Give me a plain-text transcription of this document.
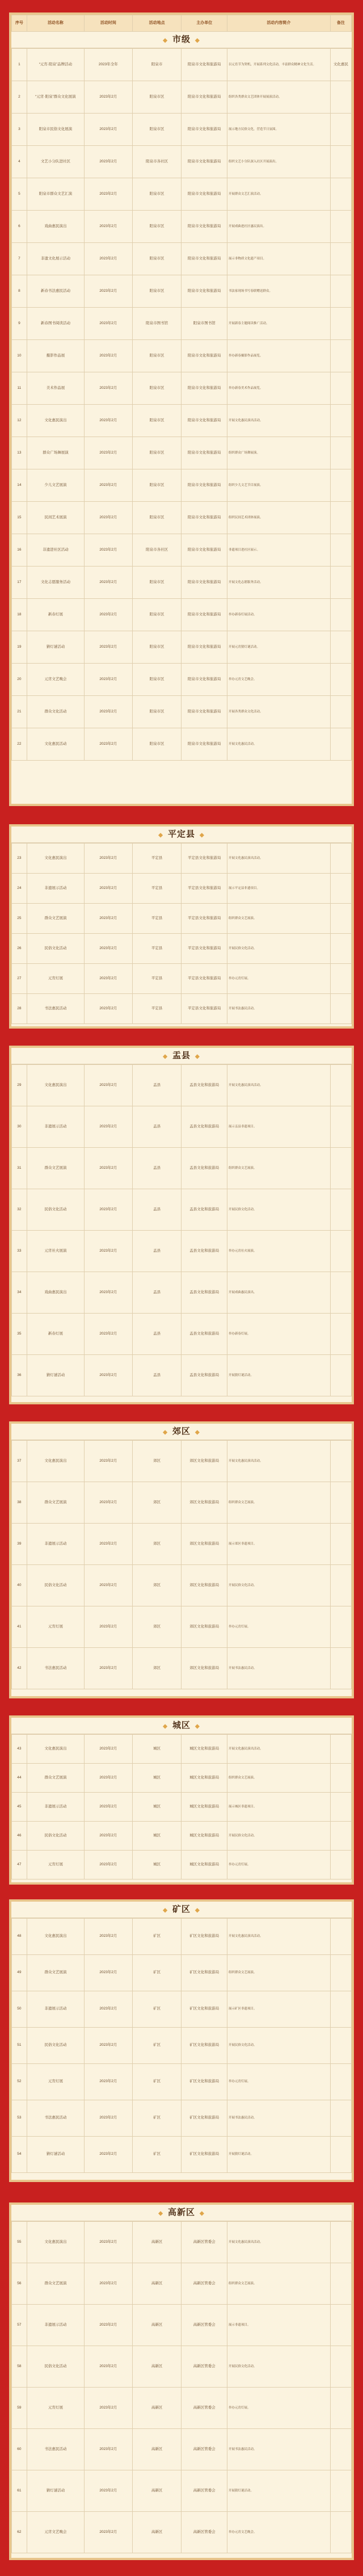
序号	活动名称	活动时间	活动地点	主办单位	活动内容简介	备注
◆ 市级 ◆
1	“元宵·阳泉”品牌活动	2023年全年	阳泉市	阳泉市文化和旅游局	以元宵节为契机，开展系列文化活动，丰富群众精神文化生活。	文化惠民
2	“元宵·阳泉”群众文化展演	2023年2月	阳泉市区	阳泉市文化和旅游局	组织各类群众文艺团体开展展演活动。	
3	阳泉市民俗文化展演	2023年2月	阳泉市区	阳泉市文化和旅游局	展示地方民俗文化，营造节日氛围。	
4	文艺小分队进社区	2023年2月	阳泉市各社区	阳泉市文化和旅游局	组织文艺小分队深入社区开展演出。	
5	阳泉市群众文艺汇演	2023年2月	阳泉市区	阳泉市文化和旅游局	开展群众文艺汇演活动。	
6	戏曲惠民演出	2023年2月	阳泉市区	阳泉市文化和旅游局	开展戏曲进社区惠民演出。	
7	非遗文化展示活动	2023年2月	阳泉市区	阳泉市文化和旅游局	展示非物质文化遗产项目。	
8	新春书法惠民活动	2023年2月	阳泉市区	阳泉市文化和旅游局	书法家现场书写春联赠送群众。	
9	新春图书阅读活动	2023年2月	阳泉市图书馆	阳泉市图书馆	开展新春主题阅读推广活动。	
10	摄影作品展	2023年2月	阳泉市区	阳泉市文化和旅游局	举办新春摄影作品展览。	
11	美术作品展	2023年2月	阳泉市区	阳泉市文化和旅游局	举办新春美术作品展览。	
12	文化惠民演出	2023年2月	阳泉市区	阳泉市文化和旅游局	开展文化惠民演出活动。	
13	群众广场舞展演	2023年2月	阳泉市区	阳泉市文化和旅游局	组织群众广场舞展演。	
14	少儿文艺展演	2023年2月	阳泉市区	阳泉市文化和旅游局	组织少儿文艺节目展演。	
15	民间艺术展演	2023年2月	阳泉市区	阳泉市文化和旅游局	组织民间艺术团体展演。	
16	非遗进社区活动	2023年2月	阳泉市各社区	阳泉市文化和旅游局	非遗项目进社区展示。	
17	文化志愿服务活动	2023年2月	阳泉市区	阳泉市文化和旅游局	开展文化志愿服务活动。	
18	新春灯展	2023年2月	阳泉市区	阳泉市文化和旅游局	举办新春灯展活动。	
19	猜灯谜活动	2023年2月	阳泉市区	阳泉市文化和旅游局	开展元宵猜灯谜活动。	
20	元宵文艺晚会	2023年2月	阳泉市区	阳泉市文化和旅游局	举办元宵文艺晚会。	
21	群众文化活动	2023年2月	阳泉市区	阳泉市文化和旅游局	开展各类群众文化活动。	
22	文化惠民活动	2023年2月	阳泉市区	阳泉市文化和旅游局	开展文化惠民活动。	
◆ 平定县 ◆
23	文化惠民演出	2023年2月	平定县	平定县文化和旅游局	开展文化惠民演出活动。	
24	非遗展示活动	2023年2月	平定县	平定县文化和旅游局	展示平定县非遗项目。	
25	群众文艺展演	2023年2月	平定县	平定县文化和旅游局	组织群众文艺展演。	
26	民俗文化活动	2023年2月	平定县	平定县文化和旅游局	开展民俗文化活动。	
27	元宵灯展	2023年2月	平定县	平定县文化和旅游局	举办元宵灯展。	
28	书法惠民活动	2023年2月	平定县	平定县文化和旅游局	开展书法惠民活动。	
◆ 盂县 ◆
29	文化惠民演出	2023年2月	盂县	盂县文化和旅游局	开展文化惠民演出活动。	
30	非遗展示活动	2023年2月	盂县	盂县文化和旅游局	展示盂县非遗项目。	
31	群众文艺展演	2023年2月	盂县	盂县文化和旅游局	组织群众文艺展演。	
32	民俗文化活动	2023年2月	盂县	盂县文化和旅游局	开展民俗文化活动。	
33	元宵社火展演	2023年2月	盂县	盂县文化和旅游局	举办元宵社火展演。	
34	戏曲惠民演出	2023年2月	盂县	盂县文化和旅游局	开展戏曲惠民演出。	
35	新春灯展	2023年2月	盂县	盂县文化和旅游局	举办新春灯展。	
36	猜灯谜活动	2023年2月	盂县	盂县文化和旅游局	开展猜灯谜活动。	
◆ 郊区 ◆
37	文化惠民演出	2023年2月	郊区	郊区文化和旅游局	开展文化惠民演出活动。	
38	群众文艺展演	2023年2月	郊区	郊区文化和旅游局	组织群众文艺展演。	
39	非遗展示活动	2023年2月	郊区	郊区文化和旅游局	展示郊区非遗项目。	
40	民俗文化活动	2023年2月	郊区	郊区文化和旅游局	开展民俗文化活动。	
41	元宵灯展	2023年2月	郊区	郊区文化和旅游局	举办元宵灯展。	
42	书法惠民活动	2023年2月	郊区	郊区文化和旅游局	开展书法惠民活动。	
◆ 城区 ◆
43	文化惠民演出	2023年2月	城区	城区文化和旅游局	开展文化惠民演出活动。	
44	群众文艺展演	2023年2月	城区	城区文化和旅游局	组织群众文艺展演。	
45	非遗展示活动	2023年2月	城区	城区文化和旅游局	展示城区非遗项目。	
46	民俗文化活动	2023年2月	城区	城区文化和旅游局	开展民俗文化活动。	
47	元宵灯展	2023年2月	城区	城区文化和旅游局	举办元宵灯展。	
◆ 矿区 ◆
48	文化惠民演出	2023年2月	矿区	矿区文化和旅游局	开展文化惠民演出活动。	
49	群众文艺展演	2023年2月	矿区	矿区文化和旅游局	组织群众文艺展演。	
50	非遗展示活动	2023年2月	矿区	矿区文化和旅游局	展示矿区非遗项目。	
51	民俗文化活动	2023年2月	矿区	矿区文化和旅游局	开展民俗文化活动。	
52	元宵灯展	2023年2月	矿区	矿区文化和旅游局	举办元宵灯展。	
53	书法惠民活动	2023年2月	矿区	矿区文化和旅游局	开展书法惠民活动。	
54	猜灯谜活动	2023年2月	矿区	矿区文化和旅游局	开展猜灯谜活动。	
◆ 高新区 ◆
55	文化惠民演出	2023年2月	高新区	高新区管委会	开展文化惠民演出活动。	
56	群众文艺展演	2023年2月	高新区	高新区管委会	组织群众文艺展演。	
57	非遗展示活动	2023年2月	高新区	高新区管委会	展示非遗项目。	
58	民俗文化活动	2023年2月	高新区	高新区管委会	开展民俗文化活动。	
59	元宵灯展	2023年2月	高新区	高新区管委会	举办元宵灯展。	
60	书法惠民活动	2023年2月	高新区	高新区管委会	开展书法惠民活动。	
61	猜灯谜活动	2023年2月	高新区	高新区管委会	开展猜灯谜活动。	
62	元宵文艺晚会	2023年2月	高新区	高新区管委会	举办元宵文艺晚会。	
